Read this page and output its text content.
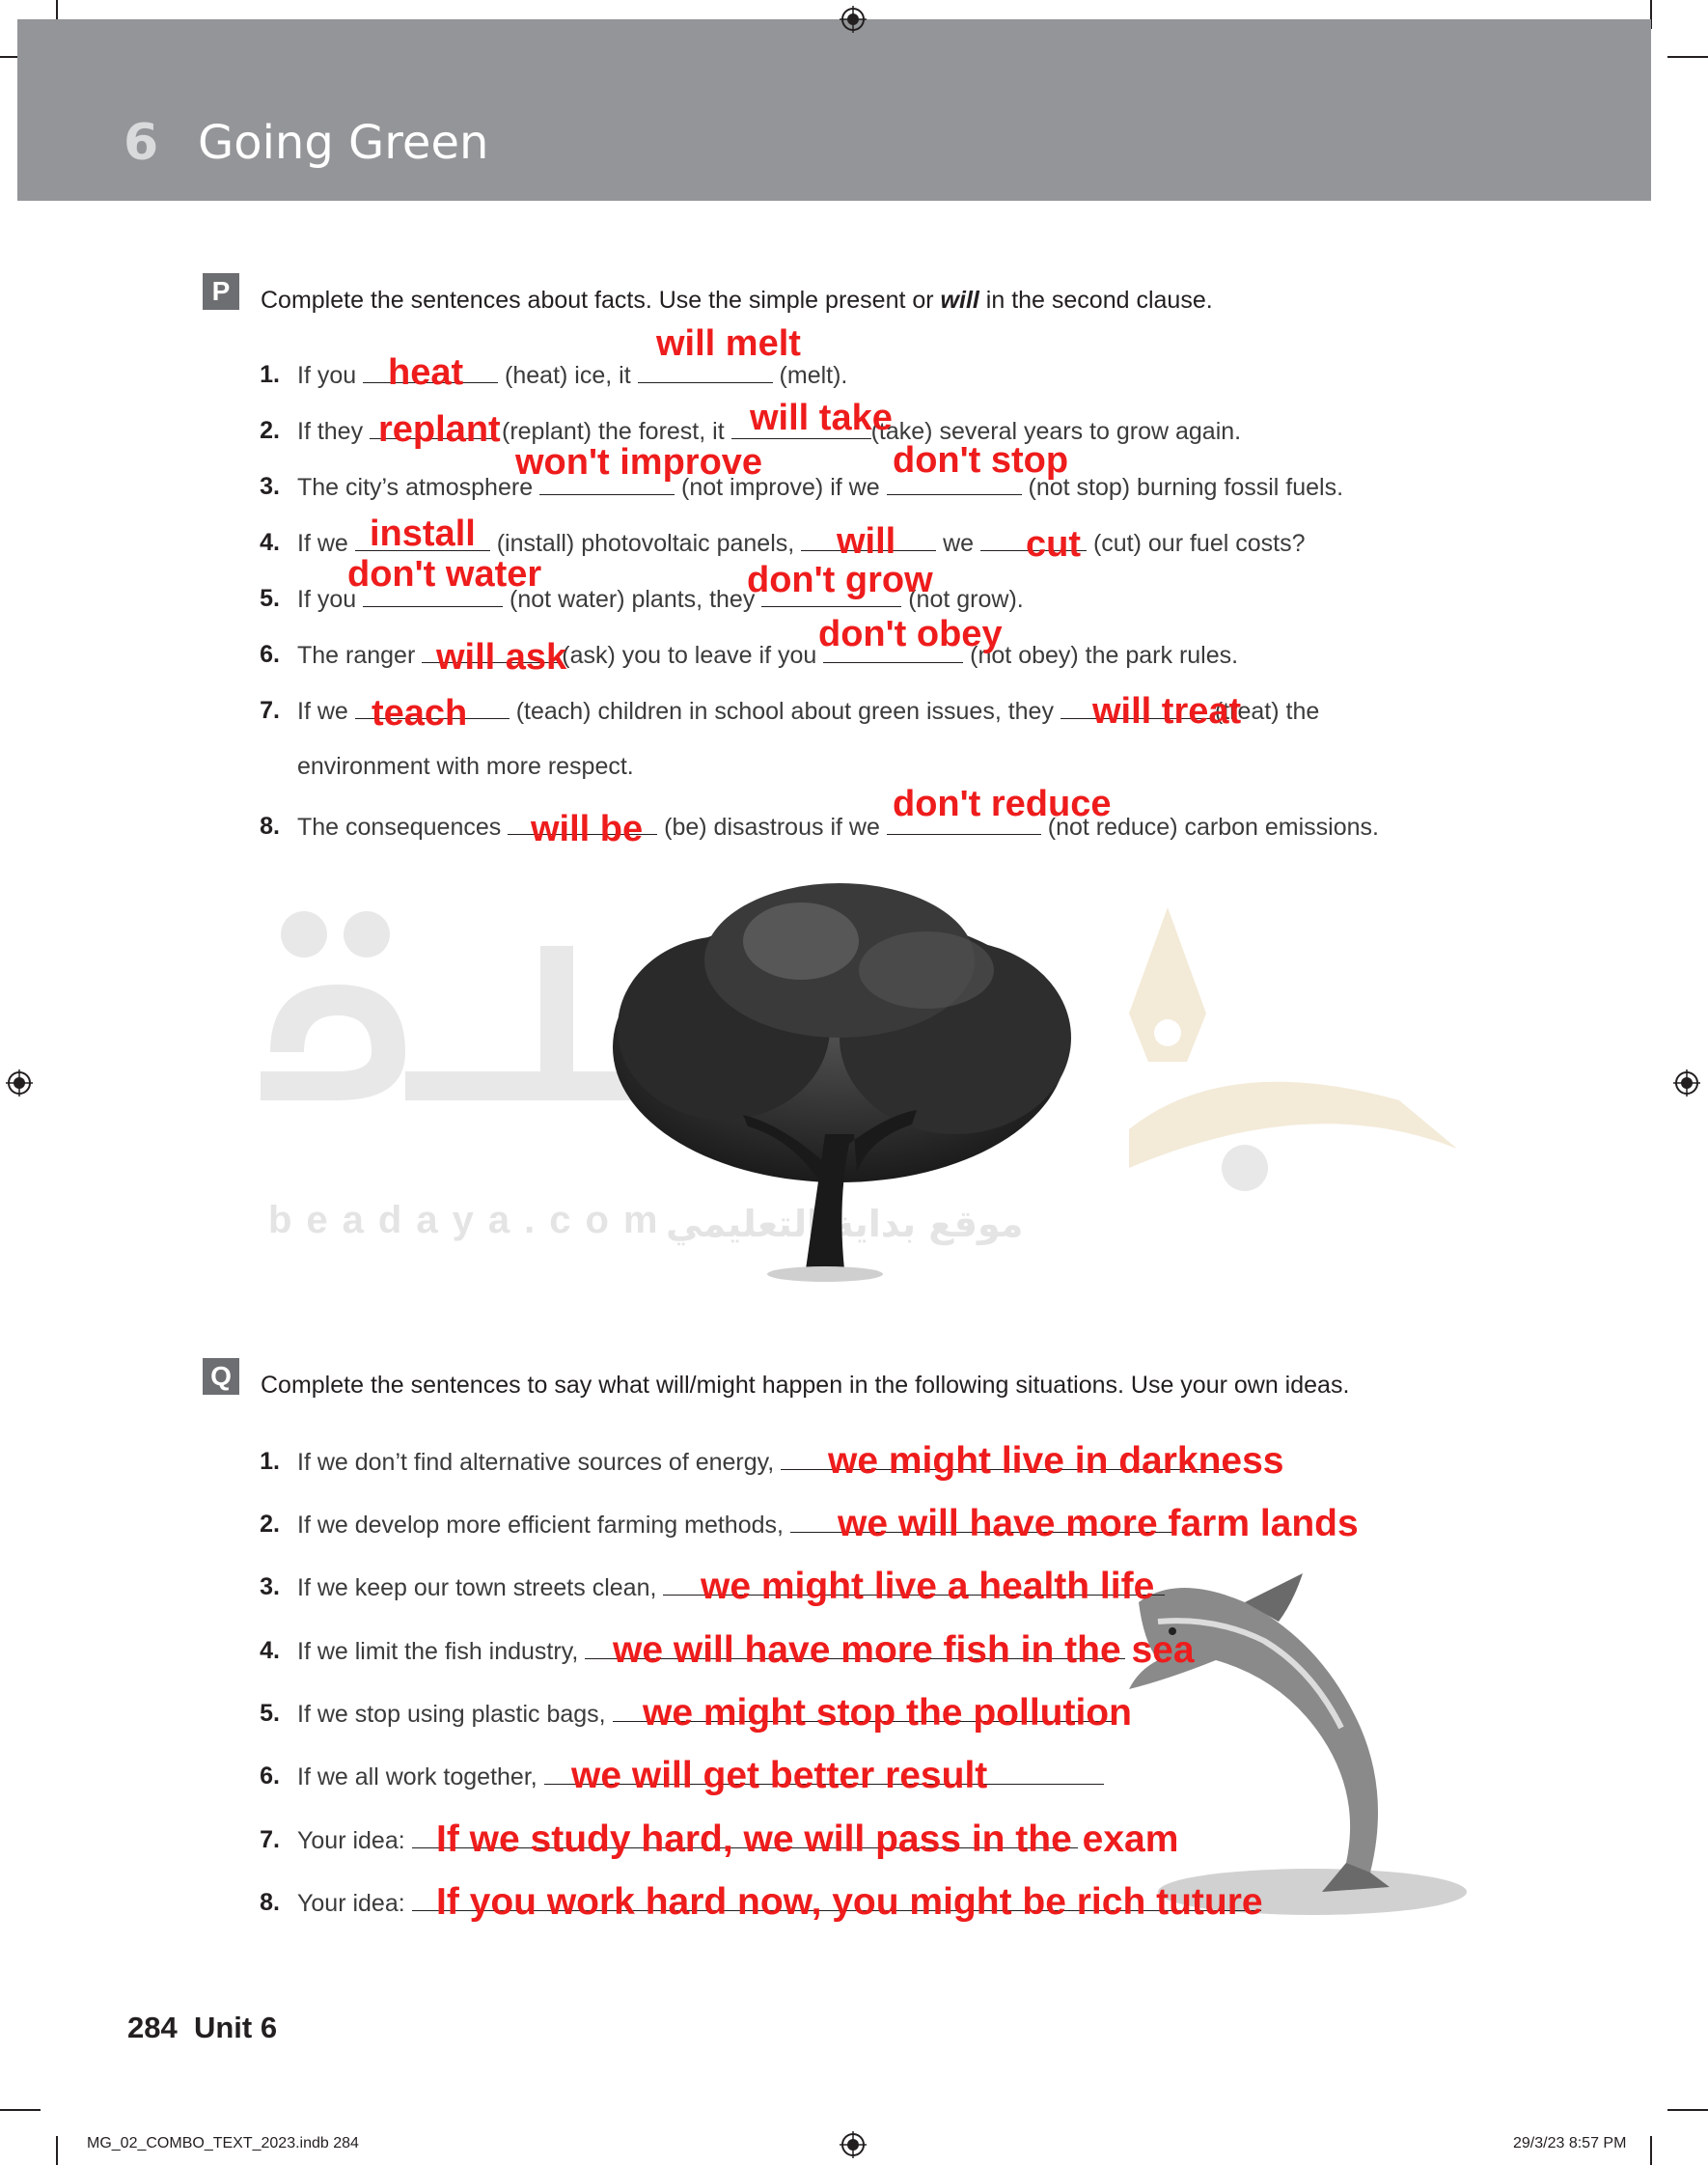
6 Going Green
beadaya.com
موقع بداية التعليمي
P	Complete the sentences about facts. Use the simple present or will in the second clause.
1. If you	(heat) ice, it	(melt).
heat
will melt
2. If they	(replant) the forest, it	(take) several years to grow again.
replant	will take
3. The city’s atmosphere	(not improve) if we	(not stop) burning fossil fuels.
won't improve	don't stop
4. If we	(install) photovoltaic panels,	we	(cut) our fuel costs?
install	will	cut
5. If you	(not water) plants, they	(not grow).
don't water	don't grow
6. The ranger	(ask) you to leave if you	(not obey) the park rules.
will ask
don't obey
7. If we	(teach) children in school about green issues, they	(treat) the
teach	will treat
environment with more respect.
8. The consequences	(be) disastrous if we	(not reduce) carbon emissions.
will be
don't reduce
Q	Complete the sentences to say what will/might happen in the following situations. Use your own ideas.
1. If we don’t find alternative sources of energy,	we might live in darkness
2. If we develop more efficient farming methods,	we will have more farm lands
3. If we keep our town streets clean,	we might live a health life
4. If we limit the fish industry, we will have more fish in the sea
5. If we stop using plastic bags, we might stop the pollution
6. If we all work together, we will get better result
7. Your idea: If we study hard, we will pass in the exam
8. Your idea: If you work hard now, you might be rich tuture
284 Unit 6
MG_02_COMBO_TEXT_2023.indb 284	29/3/23 8:57 PM
